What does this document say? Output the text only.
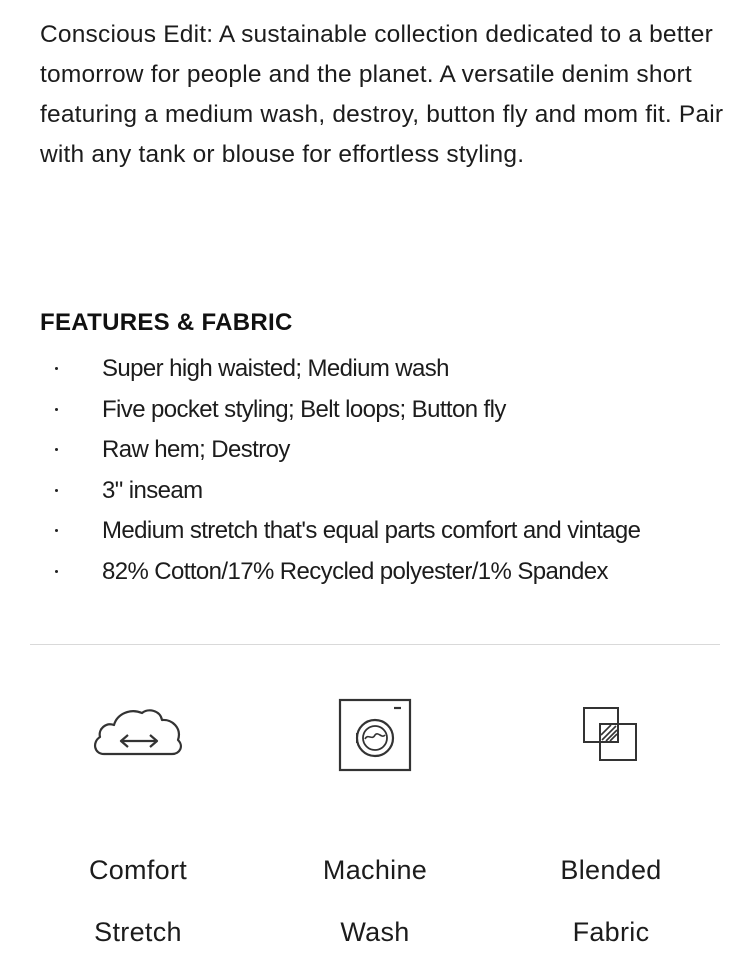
Conscious Edit: A sustainable collection dedicated to a better tomorrow for people and the planet. A versatile denim short featuring a medium wash, destroy, button fly and mom fit. Pair with any tank or blouse for effortless styling.

FEATURES & FABRIC
Super high waisted; Medium wash
Five pocket styling; Belt loops; Button fly
Raw hem; Destroy
3" inseam
Medium stretch that's equal parts comfort and vintage
82% Cotton/17% Recycled polyester/1% Spandex

Comfort

Stretch

Machine

Wash

Blended

Fabric
